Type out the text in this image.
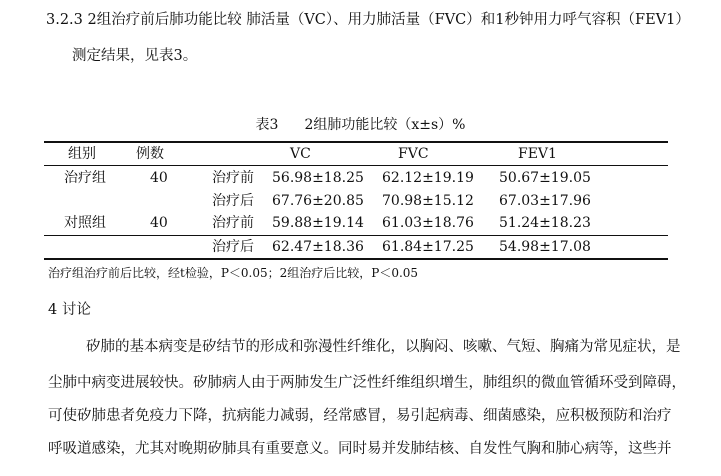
3.2.3 2组治疗前后肺功能比较 肺活量（VC）、用力肺活量（FVC）和1秒钟用力呼气容积（FEV1）
测定结果，见表3。
表3 2组肺功能比较（x±s）%
组别	例数	VC	FVC	FEV1
治疗组	40	治疗前 56.98±18.25 62.12±19.19 50.67±19.05
治疗后 67.76±20.85 70.98±15.12 67.03±17.96
对照组	40	治疗前 59.88±19.14 61.03±18.76 51.24±18.23
治疗后 62.47±18.36 61.84±17.25 54.98±17.08
治疗组治疗前后比较，经t检验，P＜0.05；2组治疗后比较，P＜0.05
4 讨论
矽肺的基本病变是矽结节的形成和弥漫性纤维化，以胸闷、咳嗽、气短、胸痛为常见症状，是
尘肺中病变进展较快。矽肺病人由于两肺发生广泛性纤维组织增生，肺组织的微血管循环受到障碍，
可使矽肺患者免疫力下降，抗病能力减弱，经常感冒，易引起病毒、细菌感染，应积极预防和治疗
呼吸道感染，尤其对晚期矽肺具有重要意义。同时易并发肺结核、自发性气胸和肺心病等，这些并
